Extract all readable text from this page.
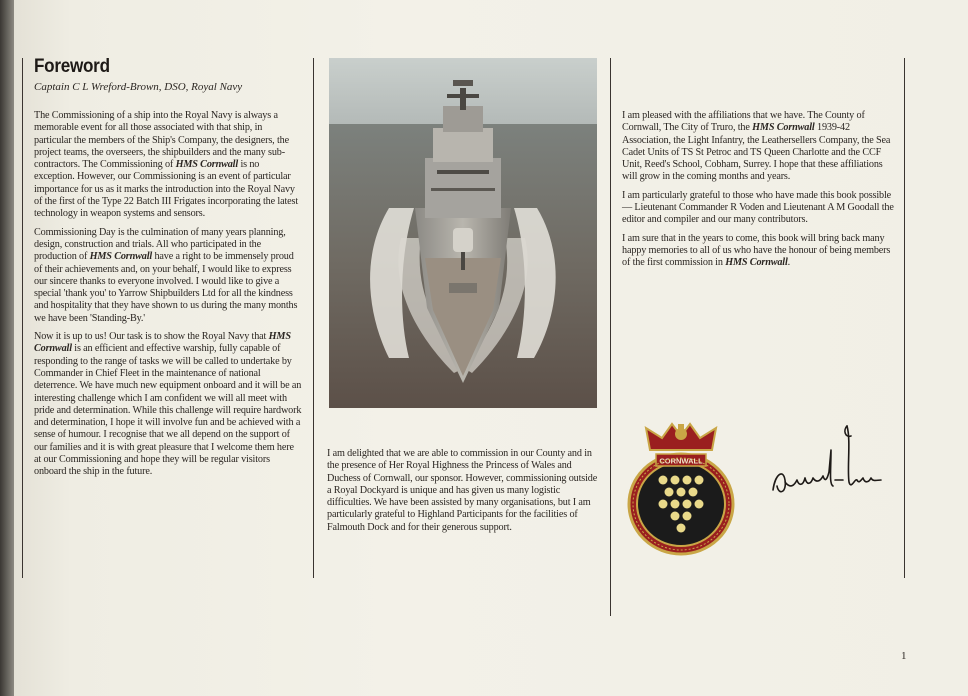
Foreword
Captain C L Wreford-Brown, DSO, Royal Navy

The Commissioning of a ship into the Royal Navy is always a memorable event for all those associated with that ship, in particular the members of the Ship's Company, the designers, the project teams, the overseers, the shipbuilders and the many sub-contractors. The Commissioning of HMS Cornwall is no exception. However, our Commissioning is an event of particular importance for us as it marks the introduction into the Royal Navy of the first of the Type 22 Batch III Frigates incorporating the latest technology in weapon systems and sensors.

Commissioning Day is the culmination of many years planning, design, construction and trials. All who participated in the production of HMS Cornwall have a right to be immensely proud of their achievements and, on your behalf, I would like to express our sincere thanks to everyone involved. I would like to give a special 'thank you' to Yarrow Shipbuilders Ltd for all the kindness and hospitality that they have shown to us during the many months we have been 'Standing-By.'

Now it is up to us! Our task is to show the Royal Navy that HMS Cornwall is an efficient and effective warship, fully capable of responding to the range of tasks we will be called to undertake by Commander in Chief Fleet in the maintenance of national deterrence. We have much new equipment onboard and it will be an interesting challenge which I am confident we will all meet with pride and determination. While this challenge will require hardwork and determination, I hope it will involve fun and be achieved with a sense of humour. I recognise that we all depend on the support of our families and it is with great pleasure that I welcome them here at our Commissioning and hope they will be regular visitors onboard the ship in the future.

I am delighted that we are able to commission in our County and in the presence of Her Royal Highness the Princess of Wales and Duchess of Cornwall, our sponsor. However, commissioning outside a Royal Dockyard is unique and has given us many logistic difficulties. We have been assisted by many organisations, but I am particularly grateful to Highland Participants for the facilities of Falmouth Dock and for their generous support.

I am pleased with the affiliations that we have. The County of Cornwall, The City of Truro, the HMS Cornwall 1939-42 Association, the Light Infantry, the Leathersellers Company, the Sea Cadet Units of TS St Petroc and TS Queen Charlotte and the CCF Unit, Reed's School, Cobham, Surrey. I hope that these affiliations will grow in the coming months and years.

I am particularly grateful to those who have made this book possible — Lieutenant Commander R Voden and Lieutenant A M Goodall the editor and compiler and our many contributors.

I am sure that in the years to come, this book will bring back many happy memories to all of us who have the honour of being members of the first commission in HMS Cornwall.

CORNWALL
1
